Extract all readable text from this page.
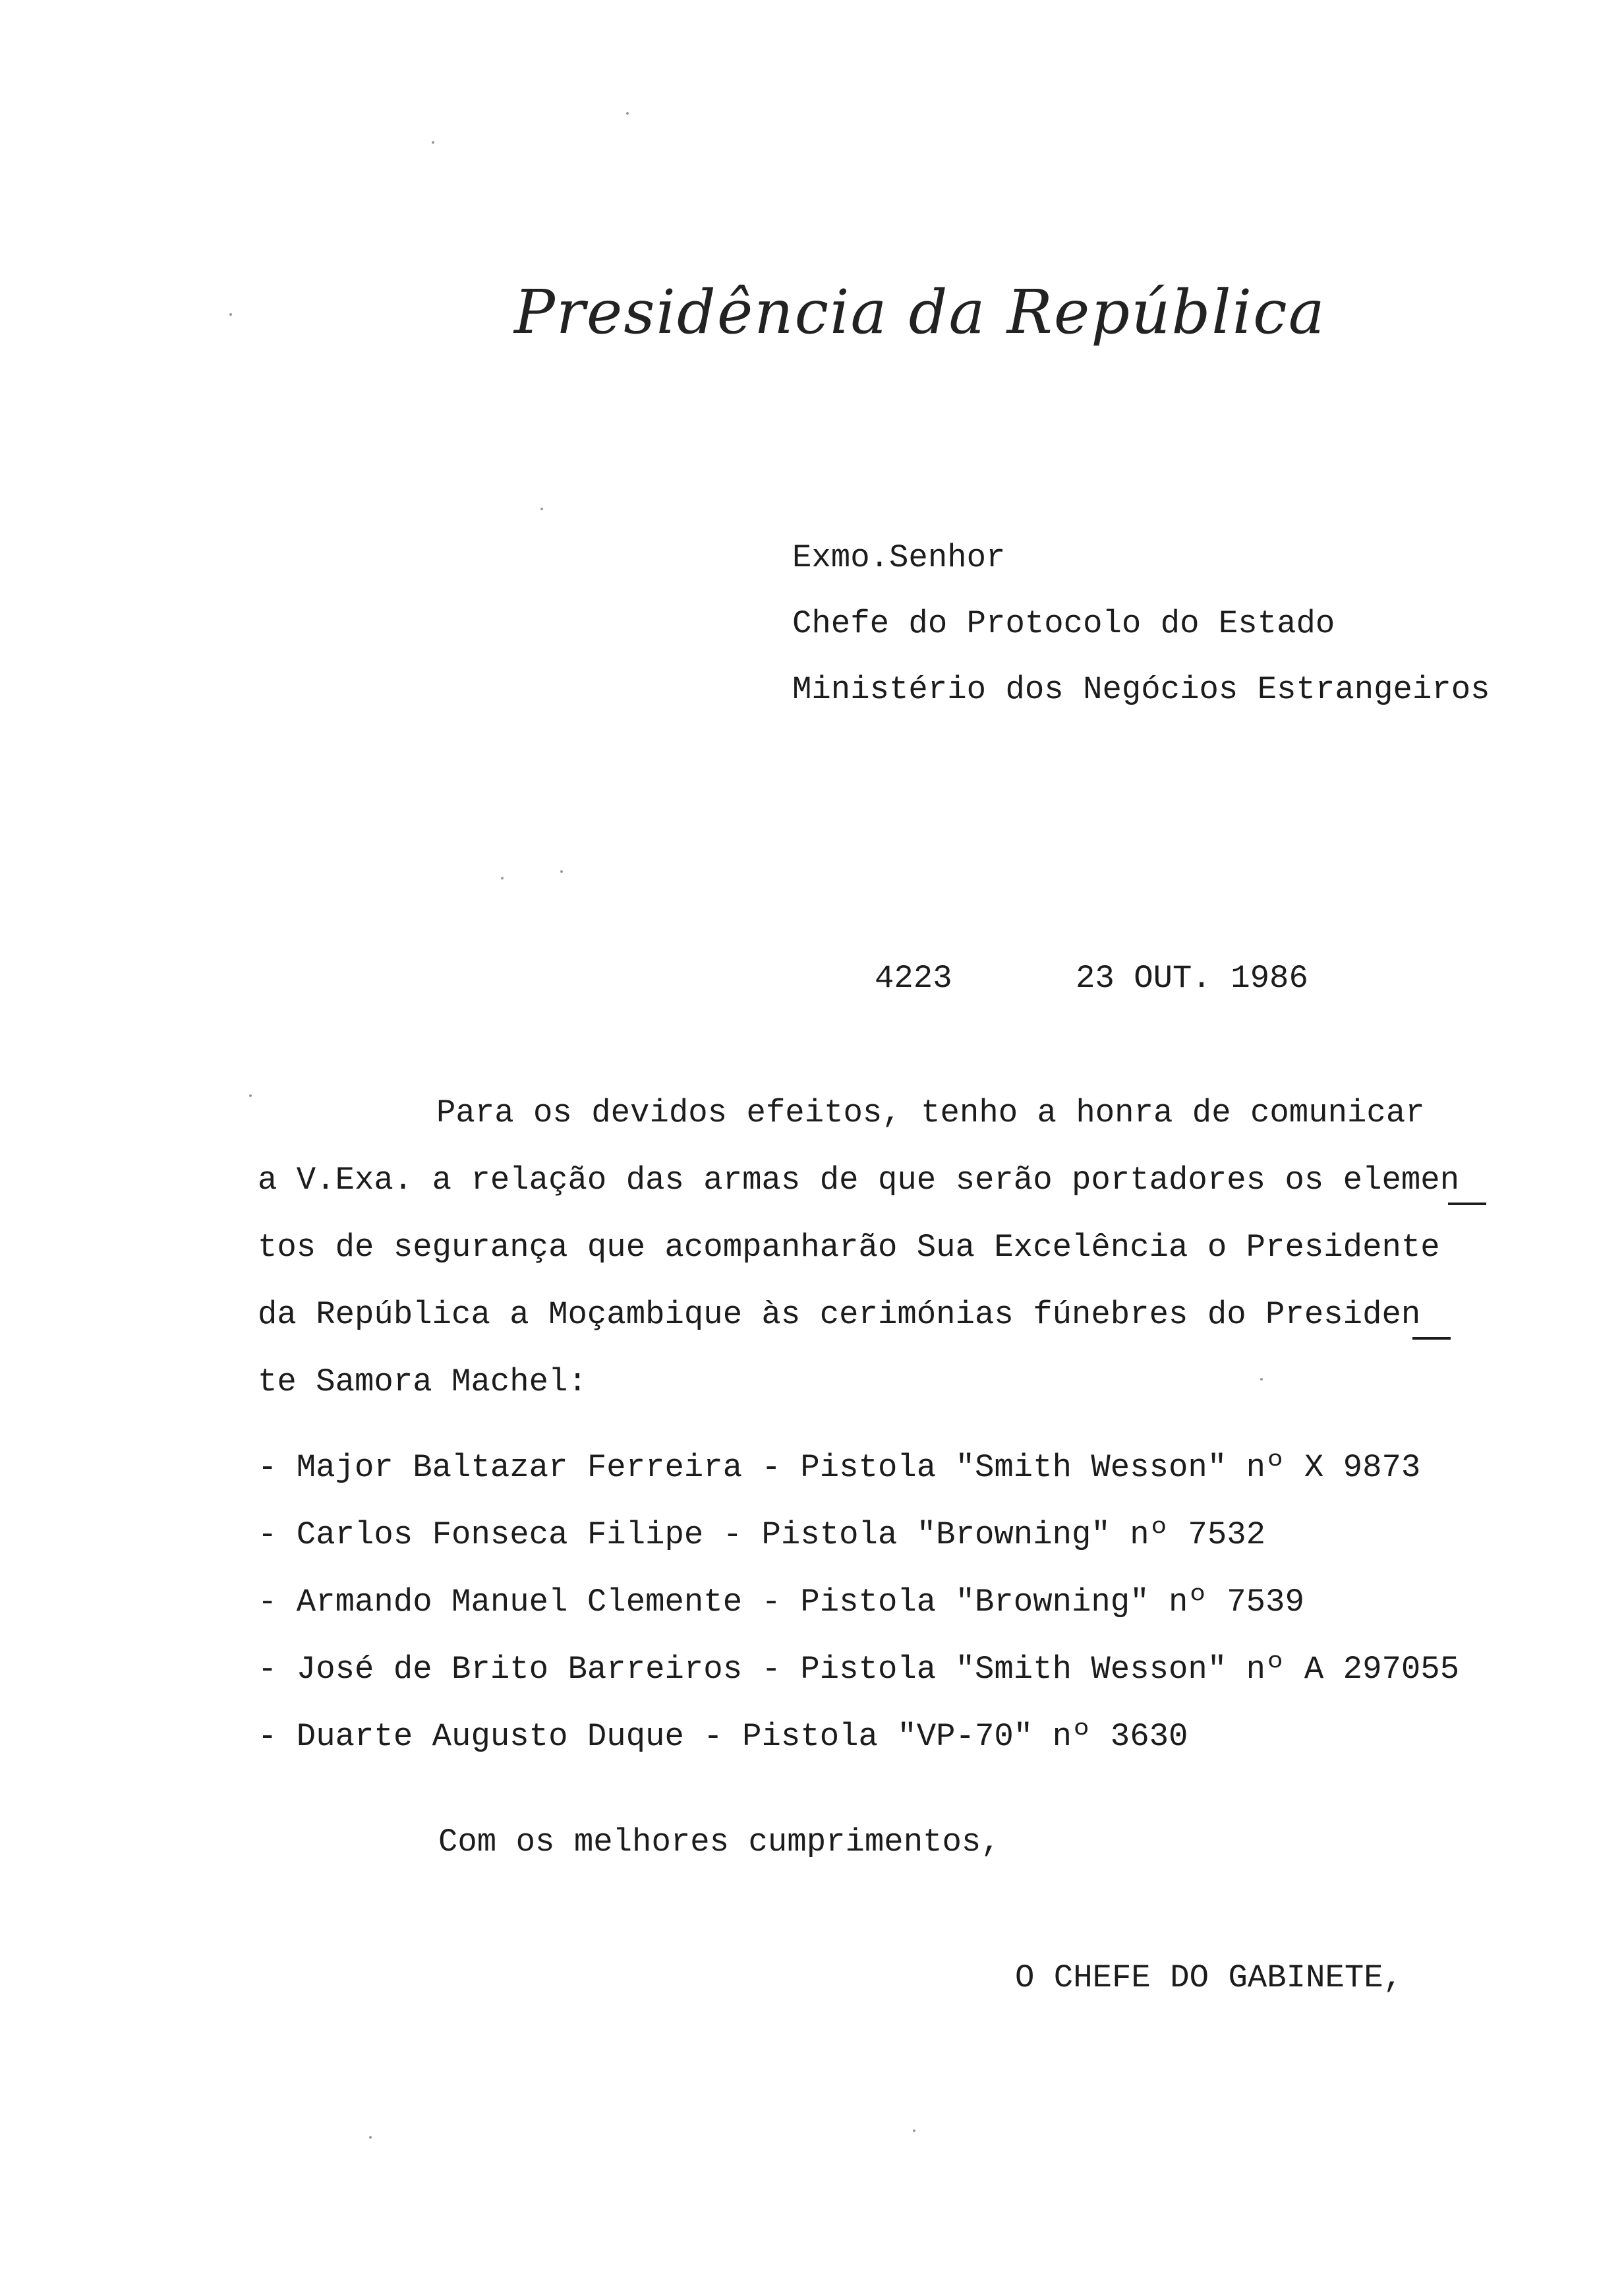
Presidência da República
Exmo.Senhor
Chefe do Protocolo do Estado
Ministério dos Negócios Estrangeiros
4223	23 OUT. 1986
Para os devidos efeitos, tenho a honra de comunicar
a V.Exa. a relação das armas de que serão portadores os elemen
tos de segurança que acompanharão Sua Excelência o Presidente
da República a Moçambique às cerimónias fúnebres do Presiden
te Samora Machel:
- Major Baltazar Ferreira - Pistola "Smith Wesson" nº X 9873
- Carlos Fonseca Filipe - Pistola "Browning" nº 7532
- Armando Manuel Clemente - Pistola "Browning" nº 7539
- José de Brito Barreiros - Pistola "Smith Wesson" nº A 297055
- Duarte Augusto Duque - Pistola "VP-70" nº 3630
Com os melhores cumprimentos,
O CHEFE DO GABINETE,
